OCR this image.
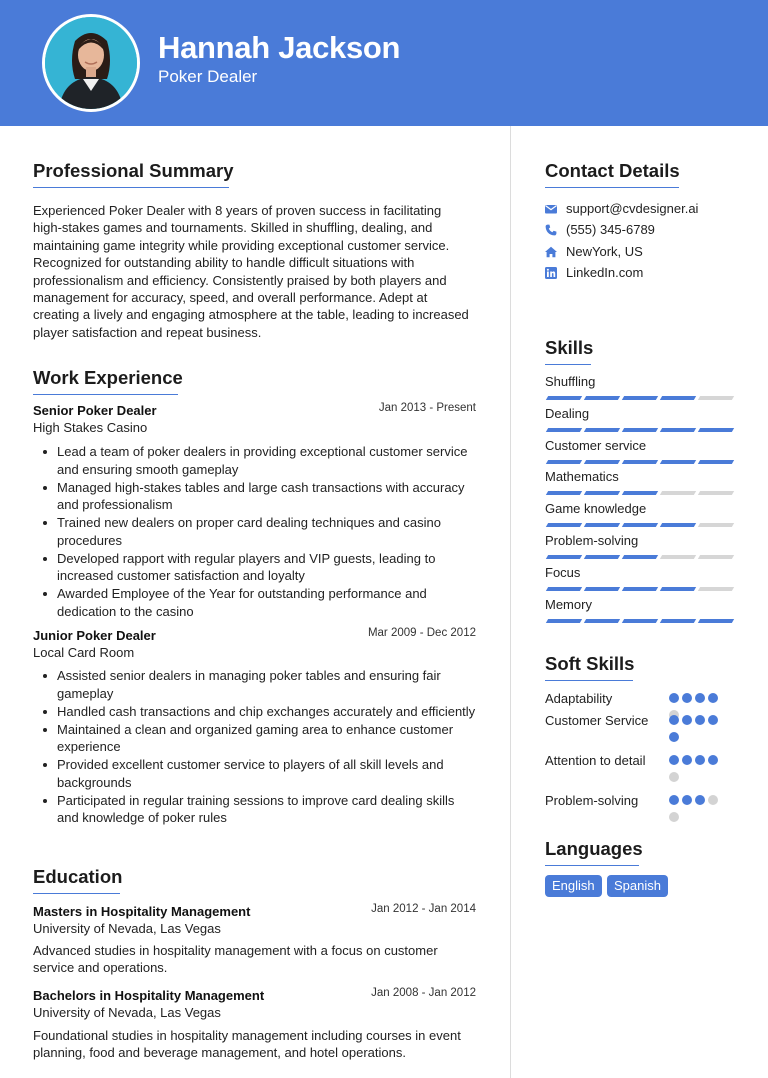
Hannah Jackson
Poker Dealer
Professional Summary
Experienced Poker Dealer with 8 years of proven success in facilitating high-stakes games and tournaments. Skilled in shuffling, dealing, and maintaining game integrity while providing exceptional customer service. Recognized for outstanding ability to handle difficult situations with professionalism and efficiency. Consistently praised by both players and management for accuracy, speed, and overall performance. Adept at creating a lively and engaging atmosphere at the table, leading to increased player satisfaction and repeat business.
Work Experience
Senior Poker Dealer	Jan 2013 - Present
High Stakes Casino
Lead a team of poker dealers in providing exceptional customer service and ensuring smooth gameplay
Managed high-stakes tables and large cash transactions with accuracy and professionalism
Trained new dealers on proper card dealing techniques and casino procedures
Developed rapport with regular players and VIP guests, leading to increased customer satisfaction and loyalty
Awarded Employee of the Year for outstanding performance and dedication to the casino
Junior Poker Dealer	Mar 2009 - Dec 2012
Local Card Room
Assisted senior dealers in managing poker tables and ensuring fair gameplay
Handled cash transactions and chip exchanges accurately and efficiently
Maintained a clean and organized gaming area to enhance customer experience
Provided excellent customer service to players of all skill levels and backgrounds
Participated in regular training sessions to improve card dealing skills and knowledge of poker rules
Education
Masters in Hospitality Management	Jan 2012 - Jan 2014
University of Nevada, Las Vegas
Advanced studies in hospitality management with a focus on customer service and operations.
Bachelors in Hospitality Management	Jan 2008 - Jan 2012
University of Nevada, Las Vegas
Foundational studies in hospitality management including courses in event planning, food and beverage management, and hotel operations.
Contact Details
support@cvdesigner.ai
(555) 345-6789
NewYork, US
LinkedIn.com
Skills
Shuffling
Dealing
Customer service
Mathematics
Game knowledge
Problem-solving
Focus
Memory
Soft Skills
Adaptability
Customer Service
Attention to detail
Problem-solving
Languages
English	Spanish
